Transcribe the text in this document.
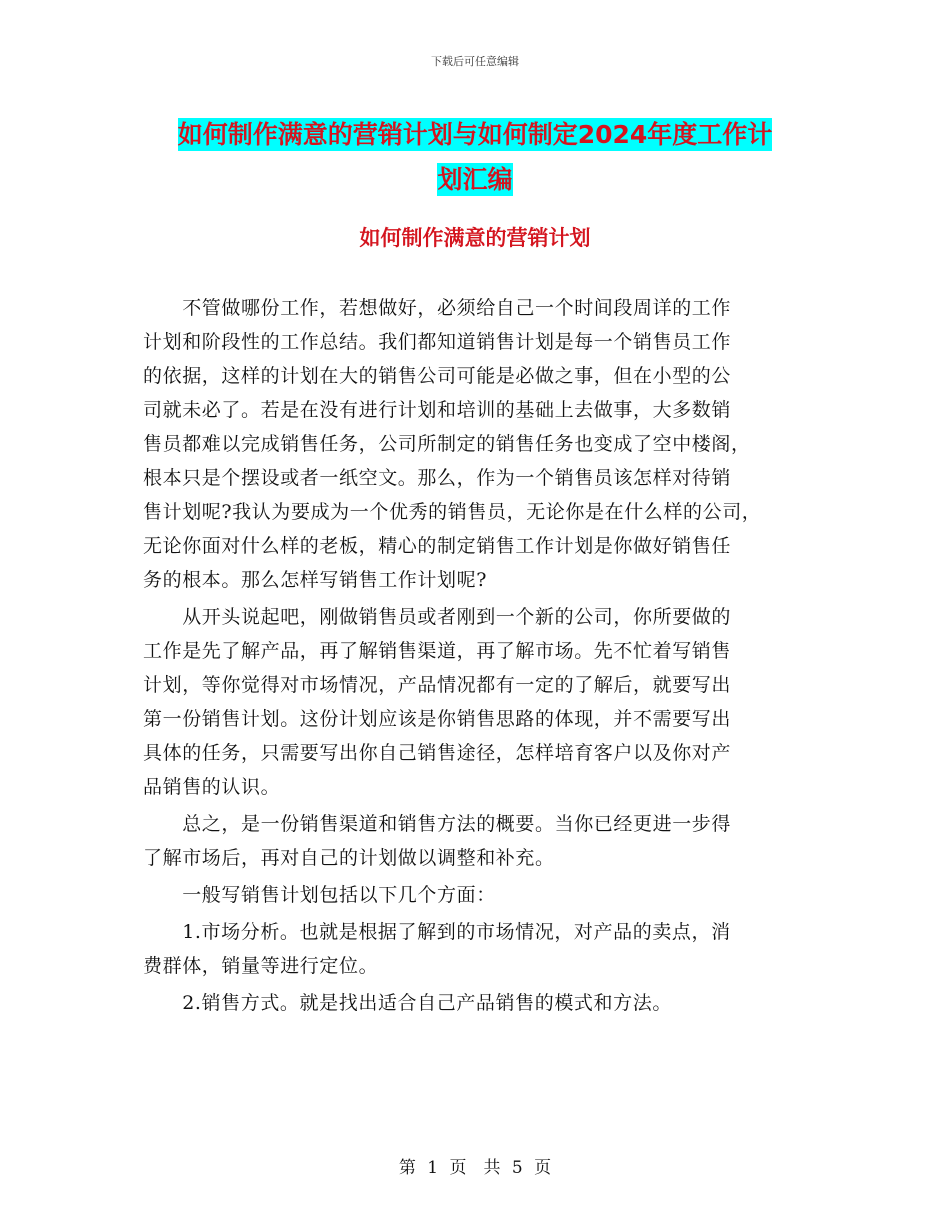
下载后可任意编辑
如何制作满意的营销计划与如何制定2024年度工作计
划汇编
如何制作满意的营销计划
　　不管做哪份工作，若想做好，必须给自己一个时间段周详的工作
计划和阶段性的工作总结。我们都知道销售计划是每一个销售员工作
的依据，这样的计划在大的销售公司可能是必做之事，但在小型的公
司就未必了。若是在没有进行计划和培训的基础上去做事，大多数销
售员都难以完成销售任务，公司所制定的销售任务也变成了空中楼阁，
根本只是个摆设或者一纸空文。那么，作为一个销售员该怎样对待销
售计划呢?我认为要成为一个优秀的销售员，无论你是在什么样的公司，
无论你面对什么样的老板，精心的制定销售工作计划是你做好销售任
务的根本。那么怎样写销售工作计划呢?
　　从开头说起吧，刚做销售员或者刚到一个新的公司，你所要做的
工作是先了解产品，再了解销售渠道，再了解市场。先不忙着写销售
计划，等你觉得对市场情况，产品情况都有一定的了解后，就要写出
第一份销售计划。这份计划应该是你销售思路的体现，并不需要写出
具体的任务，只需要写出你自己销售途径，怎样培育客户以及你对产
品销售的认识。
　　总之，是一份销售渠道和销售方法的概要。当你已经更进一步得
了解市场后，再对自己的计划做以调整和补充。
　　一般写销售计划包括以下几个方面：
　　1.市场分析。也就是根据了解到的市场情况，对产品的卖点，消
费群体，销量等进行定位。
　　2.销售方式。就是找出适合自己产品销售的模式和方法。
第 1 页　共 5 页
